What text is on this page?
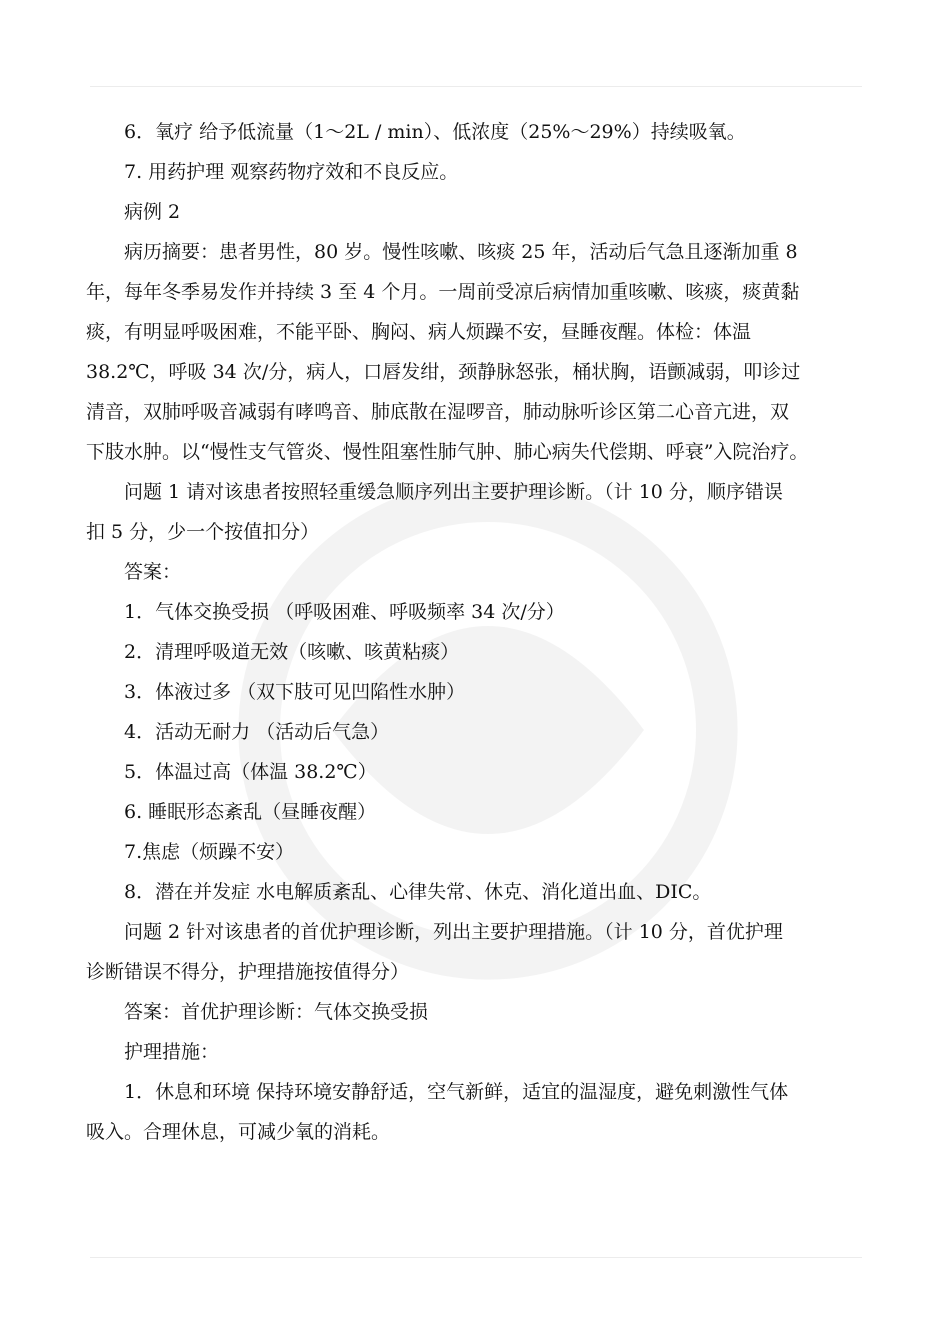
6．氧疗 给予低流量（1～2L / min）、低浓度（25%～29%）持续吸氧。
7. 用药护理 观察药物疗效和不良反应。
病例 2
病历摘要：患者男性，80 岁。慢性咳嗽、咳痰 25 年，活动后气急且逐渐加重 8
年，每年冬季易发作并持续 3 至 4 个月。一周前受凉后病情加重咳嗽、咳痰，痰黄黏
痰，有明显呼吸困难，不能平卧、胸闷、病人烦躁不安，昼睡夜醒。体检：体温
38.2℃，呼吸 34 次/分，病人，口唇发绀，颈静脉怒张，桶状胸，语颤减弱，叩诊过
清音，双肺呼吸音减弱有哮鸣音、肺底散在湿啰音，肺动脉听诊区第二心音亢进，双
下肢水肿。以“慢性支气管炎、慢性阻塞性肺气肿、肺心病失代偿期、呼衰”入院治疗。
问题 1 请对该患者按照轻重缓急顺序列出主要护理诊断。（计 10 分，顺序错误
扣 5 分，少一个按值扣分）
答案：
1．气体交换受损 （呼吸困难、呼吸频率 34 次/分）
2．清理呼吸道无效（咳嗽、咳黄粘痰）
3．体液过多 （双下肢可见凹陷性水肿）
4．活动无耐力 （活动后气急）
5．体温过高（体温 38.2℃）
6. 睡眠形态紊乱（昼睡夜醒）
7.焦虑（烦躁不安）
8．潜在并发症 水电解质紊乱、心律失常、休克、消化道出血、DIC。
问题 2 针对该患者的首优护理诊断，列出主要护理措施。（计 10 分，首优护理
诊断错误不得分，护理措施按值得分）
答案：首优护理诊断：气体交换受损
护理措施：
1．休息和环境 保持环境安静舒适，空气新鲜，适宜的温湿度，避免刺激性气体
吸入。合理休息，可减少氧的消耗。
